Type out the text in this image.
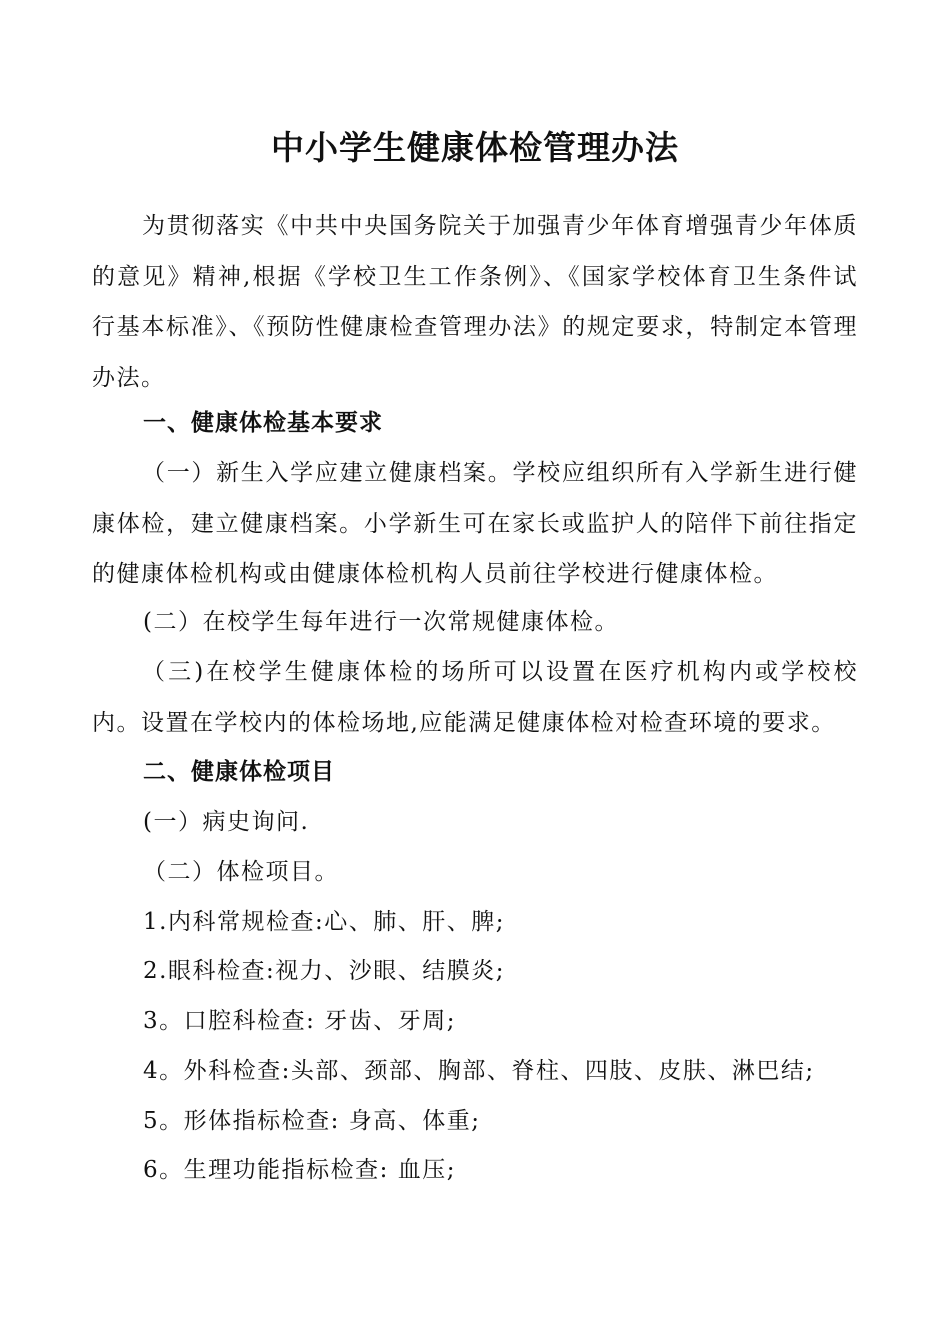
中小学生健康体检管理办法
为贯彻落实《中共中央国务院关于加强青少年体育增强青少年体质的意见》精神,根据《学校卫生工作条例》、《国家学校体育卫生条件试行基本标准》、《预防性健康检查管理办法》的规定要求，特制定本管理办法。
一、健康体检基本要求
（一）新生入学应建立健康档案。学校应组织所有入学新生进行健康体检，建立健康档案。小学新生可在家长或监护人的陪伴下前往指定的健康体检机构或由健康体检机构人员前往学校进行健康体检。
(二）在校学生每年进行一次常规健康体检。
（三)在校学生健康体检的场所可以设置在医疗机构内或学校校内。设置在学校内的体检场地,应能满足健康体检对检查环境的要求。
二、健康体检项目
(一）病史询问.
（二）体检项目。
1.内科常规检查:心、肺、肝、脾;
2.眼科检查:视力、沙眼、结膜炎;
3。口腔科检查: 牙齿、牙周;
4。外科检查:头部、颈部、胸部、脊柱、四肢、皮肤、淋巴结;
5。形体指标检查: 身高、体重;
6。生理功能指标检查: 血压;
